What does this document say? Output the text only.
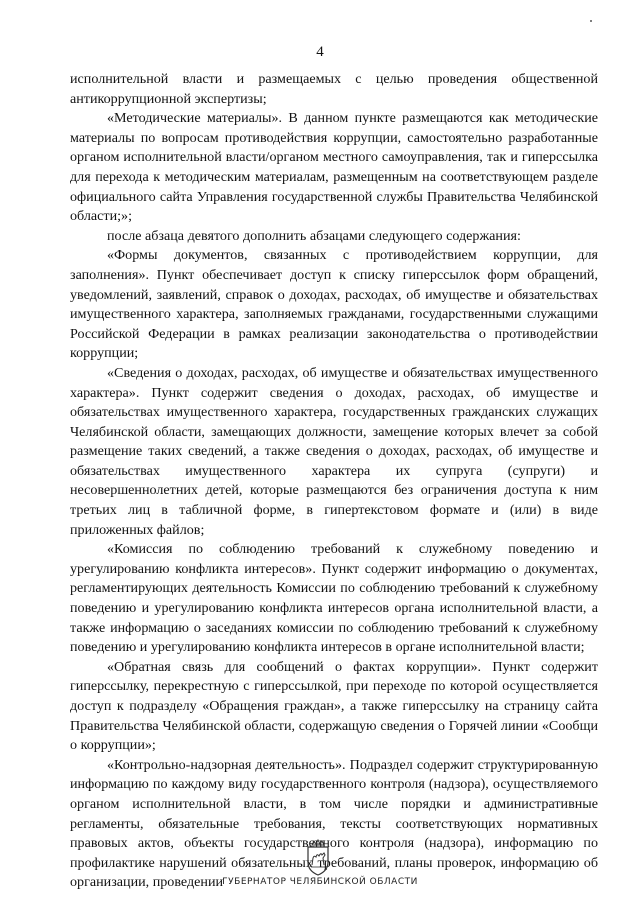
4

исполнительной власти и размещаемых с целью проведения общественной антикоррупционной экспертизы;

«Методические материалы». В данном пункте размещаются как методические материалы по вопросам противодействия коррупции, самостоятельно разработанные органом исполнительной власти/органом местного самоуправления, так и гиперссылка для перехода к методическим материалам, размещенным на соответствующем разделе официального сайта Управления государственной службы Правительства Челябинской области;»;

после абзаца девятого дополнить абзацами следующего содержания:

«Формы документов, связанных с противодействием коррупции, для заполнения». Пункт обеспечивает доступ к списку гиперссылок форм обращений, уведомлений, заявлений, справок о доходах, расходах, об имуществе и обязательствах имущественного характера, заполняемых гражданами, государственными служащими Российской Федерации в рамках реализации законодательства о противодействии коррупции;

«Сведения о доходах, расходах, об имуществе и обязательствах имущественного характера». Пункт содержит сведения о доходах, расходах, об имуществе и обязательствах имущественного характера, государственных гражданских служащих Челябинской области, замещающих должности, замещение которых влечет за собой размещение таких сведений, а также сведения о доходах, расходах, об имуществе и обязательствах имущественного характера их супруга (супруги) и несовершеннолетних детей, которые размещаются без ограничения доступа к ним третьих лиц в табличной форме, в гипертекстовом формате и (или) в виде приложенных файлов;

«Комиссия по соблюдению требований к служебному поведению и урегулированию конфликта интересов». Пункт содержит информацию о документах, регламентирующих деятельность Комиссии по соблюдению требований к служебному поведению и урегулированию конфликта интересов органа исполнительной власти, а также информацию о заседаниях комиссии по соблюдению требований к служебному поведению и урегулированию конфликта интересов в органе исполнительной власти;

«Обратная связь для сообщений о фактах коррупции». Пункт содержит гиперссылку, перекрестную с гиперссылкой, при переходе по которой осуществляется доступ к подразделу «Обращения граждан», а также гиперссылку на страницу сайта Правительства Челябинской области, содержащую сведения о Горячей линии «Сообщи о коррупции»;

«Контрольно-надзорная деятельность». Подраздел содержит структурированную информацию по каждому виду государственного контроля (надзора), осуществляемого органом исполнительной власти, в том числе порядки и административные регламенты, обязательные требования, тексты соответствующих нормативных правовых актов, объекты государственного контроля (надзора), информацию по профилактике нарушений обязательных требований, планы проверок, информацию об организации, проведении ГУБЕРНАТОР ЧЕЛЯБИНСКОЙ ОБЛАСТИ
